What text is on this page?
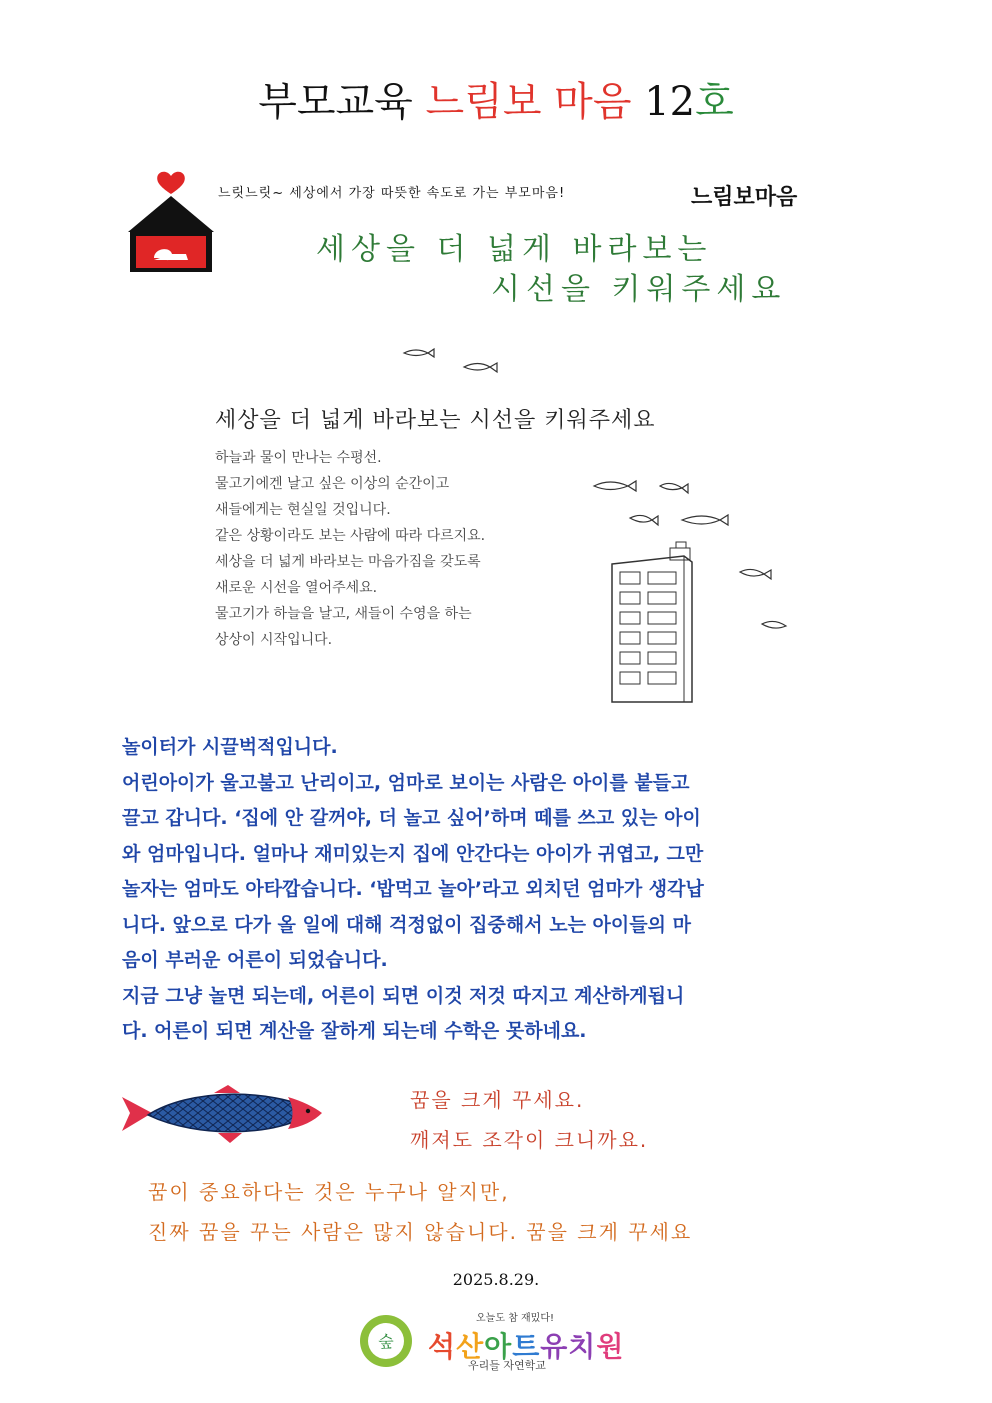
부모교육 느림보 마음 12호
느릿느릿~ 세상에서 가장 따뜻한 속도로 가는 부모마음!	느림보마음
세상을 더 넓게 바라보는
시선을 키워주세요
세상을 더 넓게 바라보는 시선을 키워주세요
하늘과 물이 만나는 수평선.
물고기에겐 날고 싶은 이상의 순간이고
새들에게는 현실일 것입니다.
같은 상황이라도 보는 사람에 따라 다르지요.
세상을 더 넓게 바라보는 마음가짐을 갖도록
새로운 시선을 열어주세요.
물고기가 하늘을 날고, 새들이 수영을 하는
상상이 시작입니다.
놀이터가 시끌벅적입니다.
어린아이가 울고불고 난리이고, 엄마로 보이는 사람은 아이를 붙들고
끌고 갑니다. ‘집에 안 갈꺼야, 더 놀고 싶어’하며 떼를 쓰고 있는 아이
와 엄마입니다. 얼마나 재미있는지 집에 안간다는 아이가 귀엽고, 그만
놀자는 엄마도 아타깝습니다. ‘밥먹고 놀아’라고 외치던 엄마가 생각납
니다. 앞으로 다가 올 일에 대해 걱정없이 집중해서 노는 아이들의 마
음이 부러운 어른이 되었습니다.
지금 그냥 놀면 되는데, 어른이 되면 이것 저것 따지고 계산하게됩니
다. 어른이 되면 계산을 잘하게 되는데 수학은 못하네요.
꿈을 크게 꾸세요.
깨져도 조각이 크니까요.
꿈이 중요하다는 것은 누구나 알지만,
진짜 꿈을 꾸는 사람은 많지 않습니다. 꿈을 크게 꾸세요
2025.8.29.
숲
오늘도 참 재밌다!
석산아트유치원
우리들 자연학교
